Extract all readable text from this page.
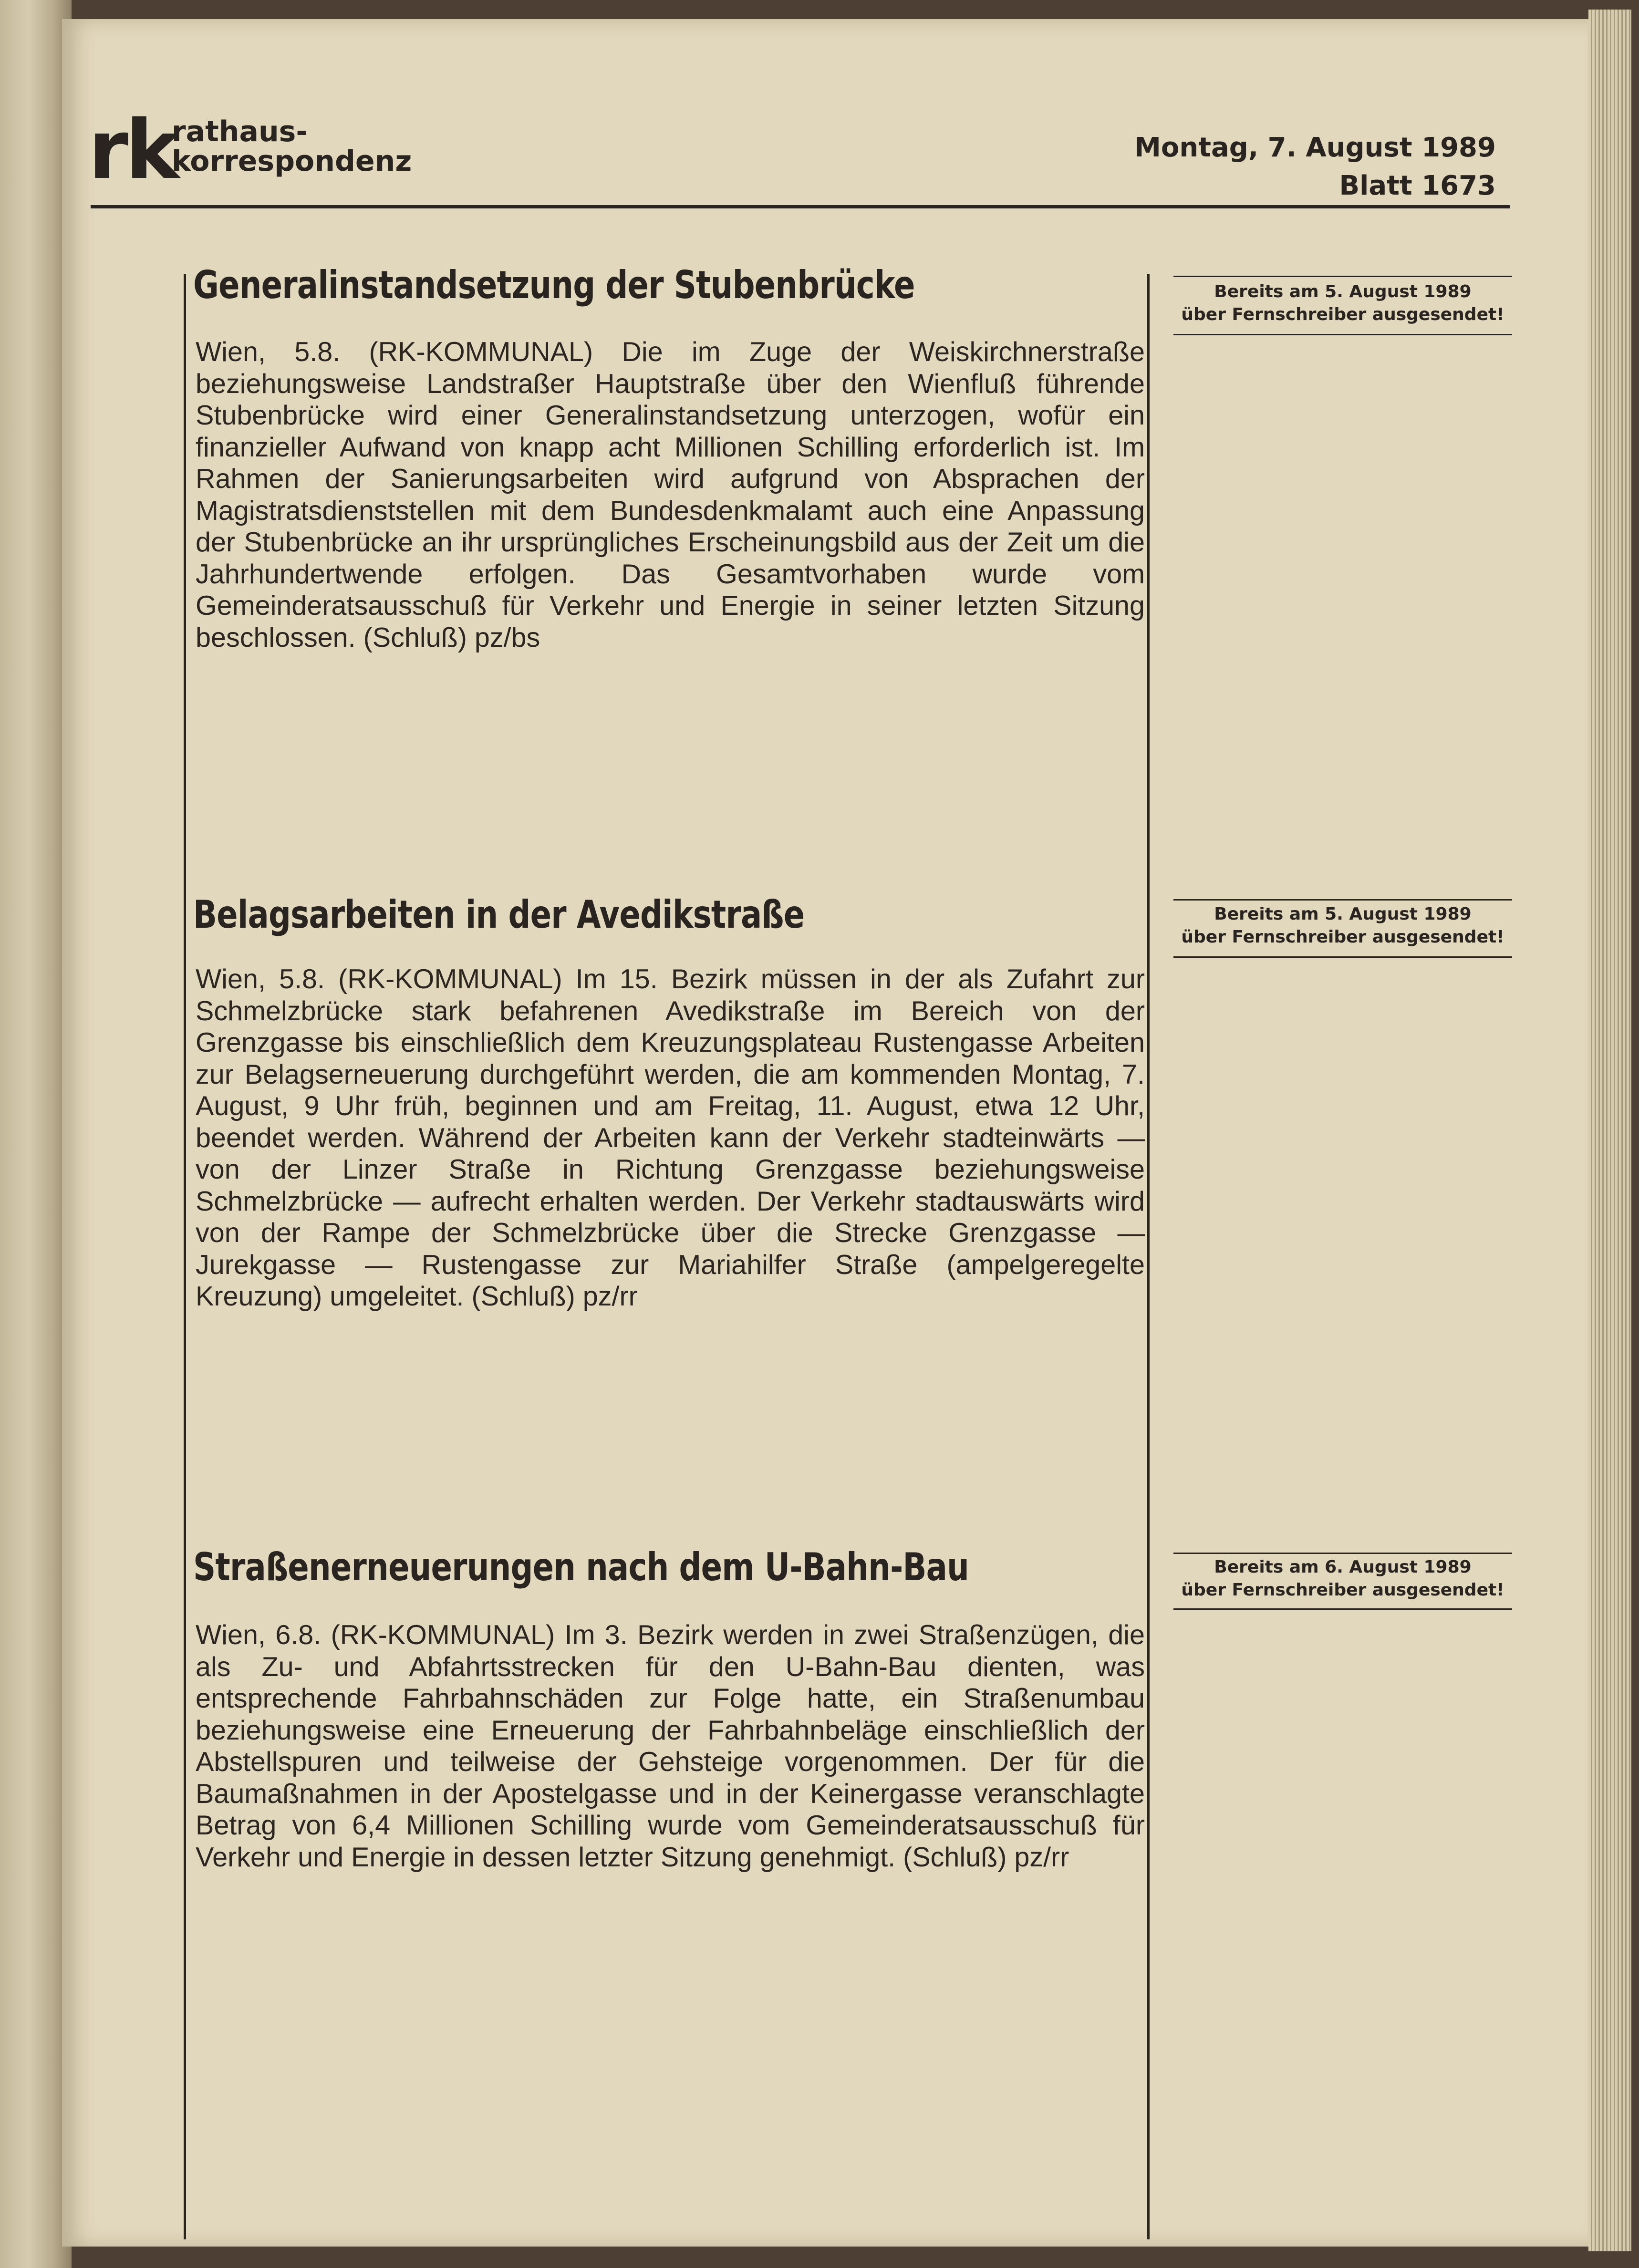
rk
rathaus-
korrespondenz	Montag, 7. August 1989
Blatt 1673
Generalinstandsetzung der Stubenbrücke

Wien, 5.8. (RK-KOMMUNAL) Die im Zuge der Weiskirchnerstraße beziehungsweise Landstraßer Hauptstraße über den Wienfluß führende Stubenbrücke wird einer Generalinstandsetzung unterzogen, wofür ein finanzieller Aufwand von knapp acht Millionen Schilling erforderlich ist. Im Rahmen der Sanierungsarbeiten wird aufgrund von Absprachen der Magistratsdienststellen mit dem Bundesdenkmalamt auch eine Anpassung der Stubenbrücke an ihr ursprüngliches Erscheinungsbild aus der Zeit um die Jahrhundertwende erfolgen. Das Gesamtvorhaben wurde vom Gemeinderatsausschuß für Verkehr und Energie in seiner letzten Sitzung beschlossen. (Schluß) pz/bs

Bereits am 5. August 1989
über Fernschreiber ausgesendet!
Belagsarbeiten in der Avedikstraße

Wien, 5.8. (RK-KOMMUNAL) Im 15. Bezirk müssen in der als Zufahrt zur Schmelzbrücke stark befahrenen Avedikstraße im Bereich von der Grenzgasse bis einschließlich dem Kreuzungsplateau Rustengasse Arbeiten zur Belagserneuerung durchgeführt werden, die am kommenden Montag, 7. August, 9 Uhr früh, beginnen und am Freitag, 11. August, etwa 12 Uhr, beendet werden. Während der Arbeiten kann der Verkehr stadteinwärts — von der Linzer Straße in Richtung Grenzgasse beziehungsweise Schmelzbrücke — aufrecht erhalten werden. Der Verkehr stadtauswärts wird von der Rampe der Schmelzbrücke über die Strecke Grenzgasse — Jurekgasse — Rustengasse zur Mariahilfer Straße (ampelgeregelte Kreuzung) umgeleitet. (Schluß) pz/rr

Bereits am 5. August 1989
über Fernschreiber ausgesendet!
Straßenerneuerungen nach dem U-Bahn-Bau

Wien, 6.8. (RK-KOMMUNAL) Im 3. Bezirk werden in zwei Straßenzügen, die als Zu- und Abfahrtsstrecken für den U-Bahn-Bau dienten, was entsprechende Fahrbahnschäden zur Folge hatte, ein Straßenumbau beziehungsweise eine Erneuerung der Fahrbahnbeläge einschließlich der Abstellspuren und teilweise der Gehsteige vorgenommen. Der für die Baumaßnahmen in der Apostelgasse und in der Keinergasse veranschlagte Betrag von 6,4 Millionen Schilling wurde vom Gemeinderatsausschuß für Verkehr und Energie in dessen letzter Sitzung genehmigt. (Schluß) pz/rr

Bereits am 6. August 1989
über Fernschreiber ausgesendet!
